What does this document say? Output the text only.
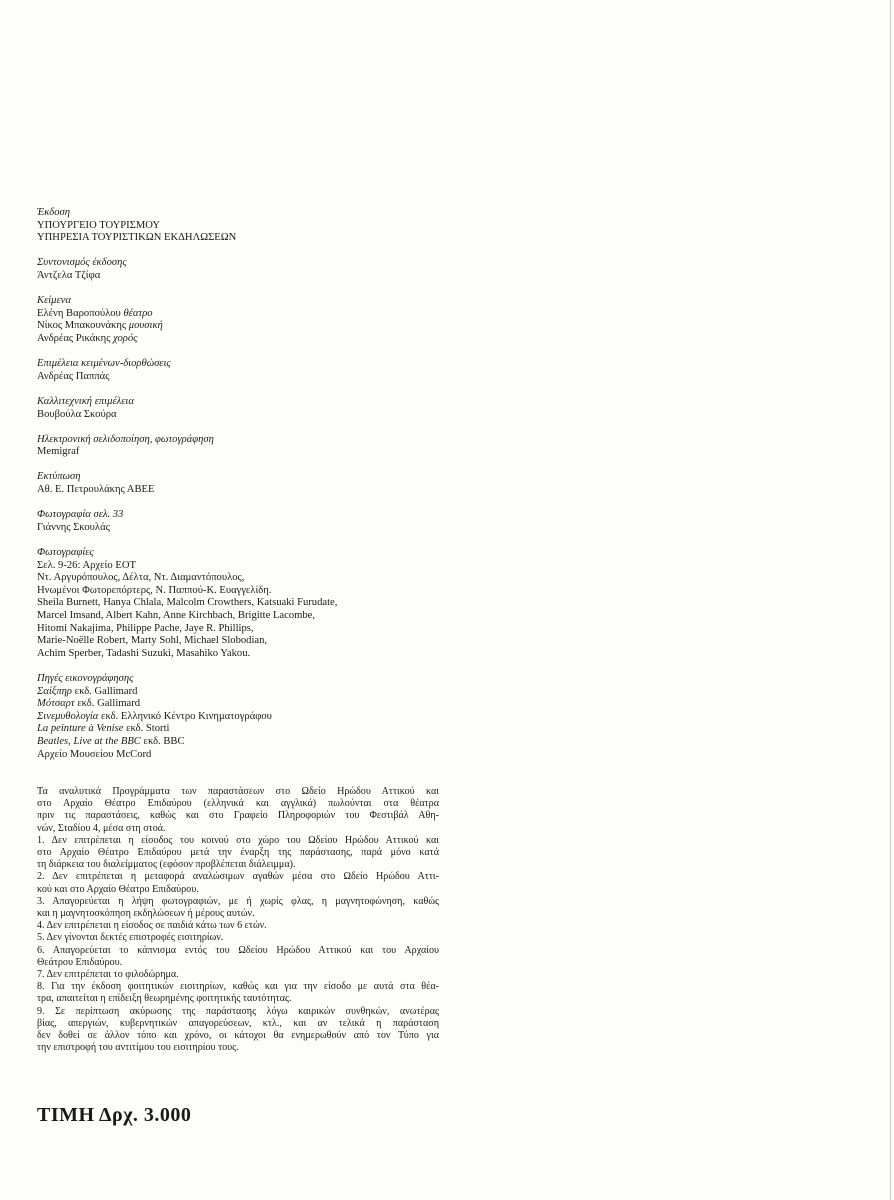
Έκδοση
ΥΠΟΥΡΓΕΙΟ ΤΟΥΡΙΣΜΟΥ
ΥΠΗΡΕΣΙΑ ΤΟΥΡΙΣΤΙΚΩΝ ΕΚΔΗΛΩΣΕΩΝ
Συντονισμός έκδοσης
Άντζελα Τζίφα
Κείμενα
Ελένη Βαροπούλου θέατρο
Νίκος Μπακουνάκης μουσική
Ανδρέας Ρικάκης χορός
Επιμέλεια κειμένων-διορθώσεις
Ανδρέας Παππάς
Καλλιτεχνική επιμέλεια
Βουβούλα Σκούρα
Ηλεκτρονική σελιδοποίηση, φωτογράφηση
Memigraf
Εκτύπωση
Αθ. Ε. Πετρουλάκης ΑΒΕΕ
Φωτογραφία σελ. 33
Γιάννης Σκουλάς
Φωτογραφίες
Σελ. 9-26: Αρχείο ΕΟΤ
Ντ. Αργυρόπουλος, Δέλτα, Ντ. Διαμαντόπουλος,
Ηνωμένοι Φωτορεπόρτερς, Ν. Παππού-Κ. Ευαγγελίδη.
Sheila Burnett, Hanya Chlala, Malcolm Crowthers, Katsuaki Furudate,
Marcel Imsand, Albert Kahn, Anne Kirchbach, Brigitte Lacombe,
Hitomi Nakajima, Philippe Pache, Jaye R. Phillips,
Marie-Noëlle Robert, Marty Sohl, Michael Slobodian,
Achim Sperber, Tadashi Suzuki, Masahiko Yakou.
Πηγές εικονογράφησης
Σαίξπηρ εκδ. Gallimard
Μότσαρτ εκδ. Gallimard
Σινεμυθολογία εκδ. Ελληνικό Κέντρο Κινηματογράφου
La peinture à Venise εκδ. Storti
Beatles, Live at the BBC εκδ. BBC
Αρχείο Μουσείου McCord
Τα αναλυτικά Προγράμματα των παραστάσεων στο Ωδείο Ηρώδου Αττικού και
στο Αρχαίο Θέατρο Επιδαύρου (ελληνικά και αγγλικά) πωλούνται στα θέατρα
πριν τις παραστάσεις, καθώς και στο Γραφείο Πληροφοριών του Φεστιβάλ Αθη-
νών, Σταδίου 4, μέσα στη στοά.
1. Δεν επιτρέπεται η είσοδος του κοινού στο χώρο του Ωδείου Ηρώδου Αττικού και
στο Αρχαίο Θέατρο Επιδαύρου μετά την έναρξη της παράστασης, παρά μόνο κατά
τη διάρκεια του διαλείμματος (εφόσον προβλέπεται διάλειμμα).
2. Δεν επιτρέπεται η μεταφορά αναλώσιμων αγαθών μέσα στο Ωδείο Ηρώδου Αττι-
κού και στο Αρχαίο Θέατρο Επιδαύρου.
3. Απαγορεύεται η λήψη φωτογραφιών, με ή χωρίς φλας, η μαγνητοφώνηση, καθώς
και η μαγνητοσκόπηση εκδηλώσεων ή μέρους αυτών.
4. Δεν επιτρέπεται η είσοδος σε παιδιά κάτω των 6 ετών.
5. Δεν γίνονται δεκτές επιστροφές εισιτηρίων.
6. Απαγορεύεται το κάπνισμα εντός του Ωδείου Ηρώδου Αττικού και του Αρχαίου
Θεάτρου Επιδαύρου.
7. Δεν επιτρέπεται το φιλοδώρημα.
8. Για την έκδοση φοιτητικών εισιτηρίων, καθώς και για την είσοδο με αυτά στα θέα-
τρα, απαιτείται η επίδειξη θεωρημένης φοιτητικής ταυτότητας.
9. Σε περίπτωση ακύρωσης της παράστασης λόγω καιρικών συνθηκών, ανωτέρας
βίας, απεργιών, κυβερνητικών απαγορεύσεων, κτλ., και αν τελικά η παράσταση
δεν δοθεί σε άλλον τόπο και χρόνο, οι κάτοχοι θα ενημερωθούν από τον Τύπο για
την επιστροφή του αντιτίμου του εισιτηρίου τους.
ΤΙΜΗ Δρχ. 3.000
